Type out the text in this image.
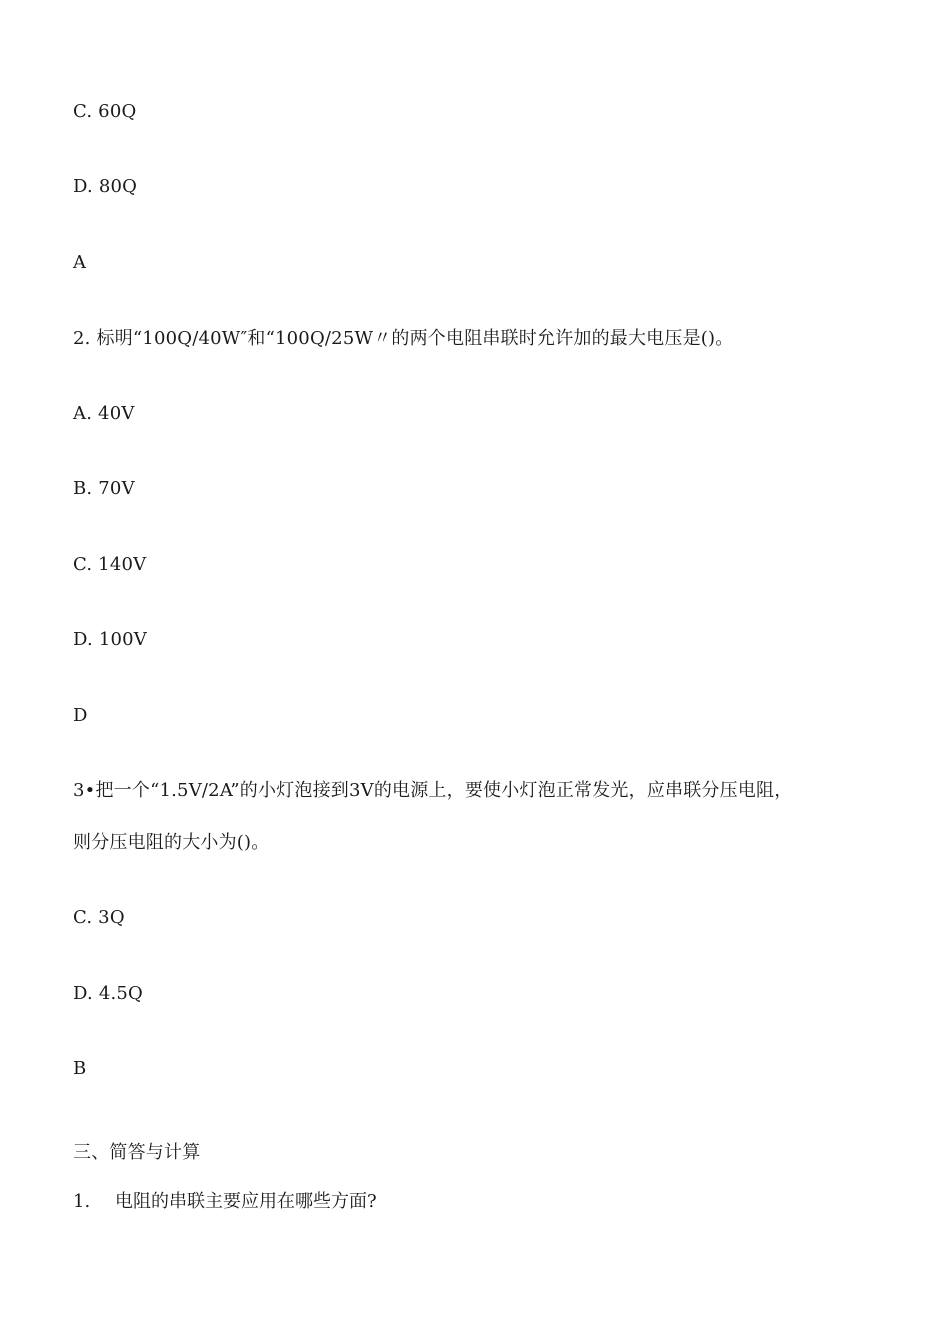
C. 60Q
D. 80Q
A
2. 标明“100Q/40W″和“100Q/25W〃的两个电阻串联时允许加的最大电压是()。
A. 40V
B. 70V
C. 140V
D. 100V
D
3•把一个“1.5V/2A”的小灯泡接到3V的电源上，要使小灯泡正常发光，应串联分压电阻，
则分压电阻的大小为()。
C. 3Q
D. 4.5Q
B
三、简答与计算
1. 电阻的串联主要应用在哪些方面?
